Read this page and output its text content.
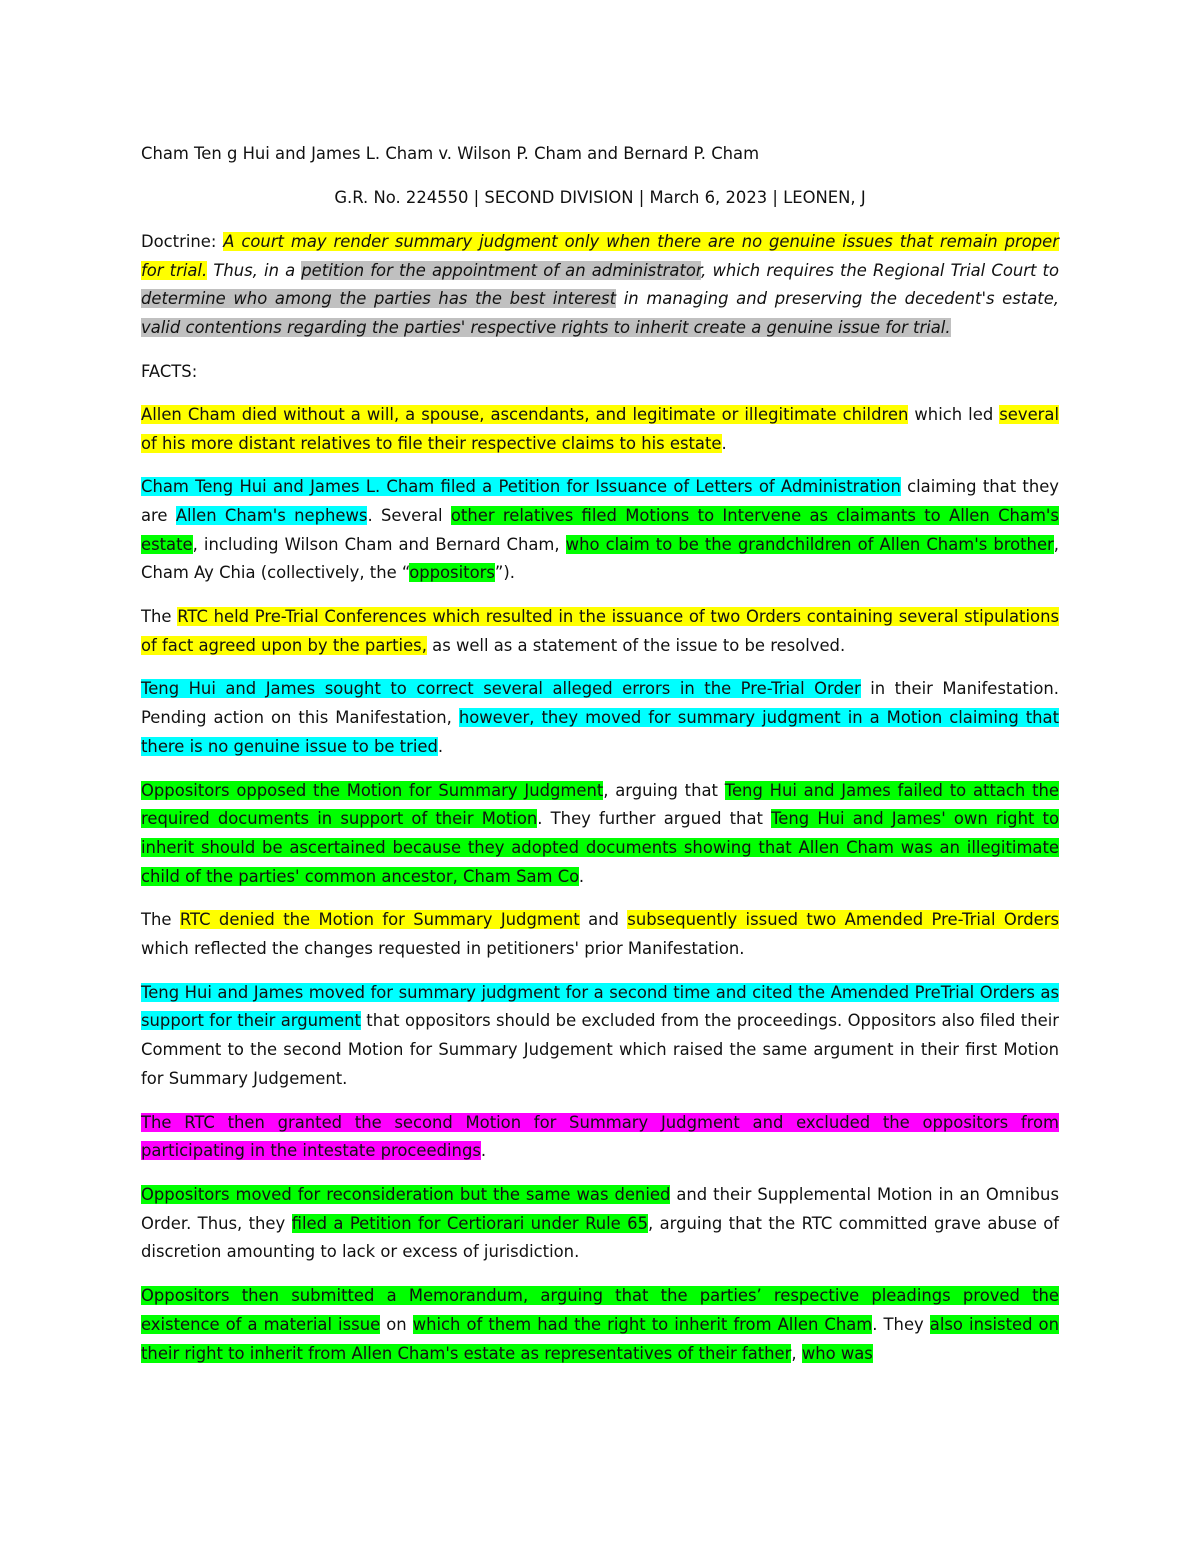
Cham Ten g Hui and James L. Cham v. Wilson P. Cham and Bernard P. Cham

G.R. No. 224550 | SECOND DIVISION | March 6, 2023 | LEONEN, J

Doctrine: A court may render summary judgment only when there are no genuine issues that remain proper for trial. Thus, in a petition for the appointment of an administrator, which requires the Regional Trial Court to determine who among the parties has the best interest in managing and preserving the decedent's estate, valid contentions regarding the parties' respective rights to inherit create a genuine issue for trial.

FACTS:

Allen Cham died without a will, a spouse, ascendants, and legitimate or illegitimate children which led several of his more distant relatives to file their respective claims to his estate.

Cham Teng Hui and James L. Cham filed a Petition for Issuance of Letters of Administration claiming that they are Allen Cham's nephews. Several other relatives filed Motions to Intervene as claimants to Allen Cham's estate, including Wilson Cham and Bernard Cham, who claim to be the grandchildren of Allen Cham's brother, Cham Ay Chia (collectively, the “oppositors”).

The RTC held Pre-Trial Conferences which resulted in the issuance of two Orders containing several stipulations of fact agreed upon by the parties, as well as a statement of the issue to be resolved.

Teng Hui and James sought to correct several alleged errors in the Pre-Trial Order in their Manifestation. Pending action on this Manifestation, however, they moved for summary judgment in a Motion claiming that there is no genuine issue to be tried.

Oppositors opposed the Motion for Summary Judgment, arguing that Teng Hui and James failed to attach the required documents in support of their Motion. They further argued that Teng Hui and James' own right to inherit should be ascertained because they adopted documents showing that Allen Cham was an illegitimate child of the parties' common ancestor, Cham Sam Co.

The RTC denied the Motion for Summary Judgment and subsequently issued two Amended Pre-Trial Orders which reflected the changes requested in petitioners' prior Manifestation.

Teng Hui and James moved for summary judgment for a second time and cited the Amended PreTrial Orders as support for their argument that oppositors should be excluded from the proceedings. Oppositors also filed their Comment to the second Motion for Summary Judgement which raised the same argument in their first Motion for Summary Judgement.

The RTC then granted the second Motion for Summary Judgment and excluded the oppositors from participating in the intestate proceedings.

Oppositors moved for reconsideration but the same was denied and their Supplemental Motion in an Omnibus Order. Thus, they filed a Petition for Certiorari under Rule 65, arguing that the RTC committed grave abuse of discretion amounting to lack or excess of jurisdiction.

Oppositors then submitted a Memorandum, arguing that the parties’ respective pleadings proved the existence of a material issue on which of them had the right to inherit from Allen Cham. They also insisted on their right to inherit from Allen Cham's estate as representatives of their father, who was
